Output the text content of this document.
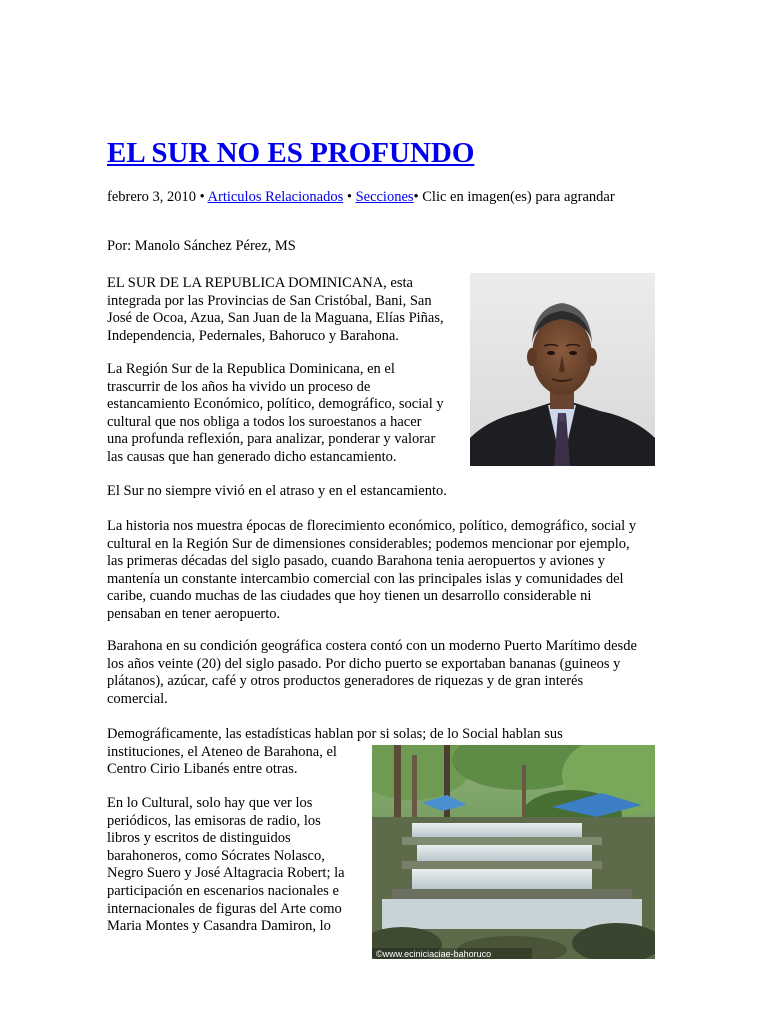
EL SUR NO ES PROFUNDO
febrero 3, 2010 • Articulos Relacionados • Secciones• Clic en imagen(es) para agrandar

Por: Manolo Sánchez Pérez, MS

EL SUR DE LA REPUBLICA DOMINICANA, esta
integrada por las Provincias de San Cristóbal, Bani, San
José de Ocoa, Azua, San Juan de la Maguana, Elías Piñas,
Independencia, Pedernales, Bahoruco y Barahona.

La Región Sur de la Republica Dominicana, en el
trascurrir de los años ha vivido un proceso de
estancamiento Económico, político, demográfico, social y
cultural que nos obliga a todos los suroestanos a hacer
una profunda reflexión, para analizar, ponderar y valorar
las causas que han generado dicho estancamiento.

El Sur no siempre vivió en el atraso y en el estancamiento.

La historia nos muestra épocas de florecimiento económico, político, demográfico, social y
cultural en la Región Sur de dimensiones considerables; podemos mencionar por ejemplo,
las primeras décadas del siglo pasado, cuando Barahona tenia aeropuertos y aviones y
mantenía un constante intercambio comercial con las principales islas y comunidades del
caribe, cuando muchas de las ciudades que hoy tienen un desarrollo considerable ni
pensaban en tener aeropuerto.

Barahona en su condición geográfica costera contó con un moderno Puerto Marítimo desde
los años veinte (20) del siglo pasado. Por dicho puerto se exportaban bananas (guineos y
plátanos), azúcar, café y otros productos generadores de riquezas y de gran interés
comercial.

Demográficamente, las estadísticas hablan por si solas; de lo Social hablan sus
instituciones, el Ateneo de Barahona, el
Centro Cirio Libanés entre otras.

En lo Cultural, solo hay que ver los
periódicos, las emisoras de radio, los
libros y escritos de distinguidos
barahoneros, como Sócrates Nolasco,
Negro Suero y José Altagracia Robert; la
participación en escenarios nacionales e
internacionales de figuras del Arte como
Maria Montes y Casandra Damiron, lo

©www.eciniciaciae-bahoruco
